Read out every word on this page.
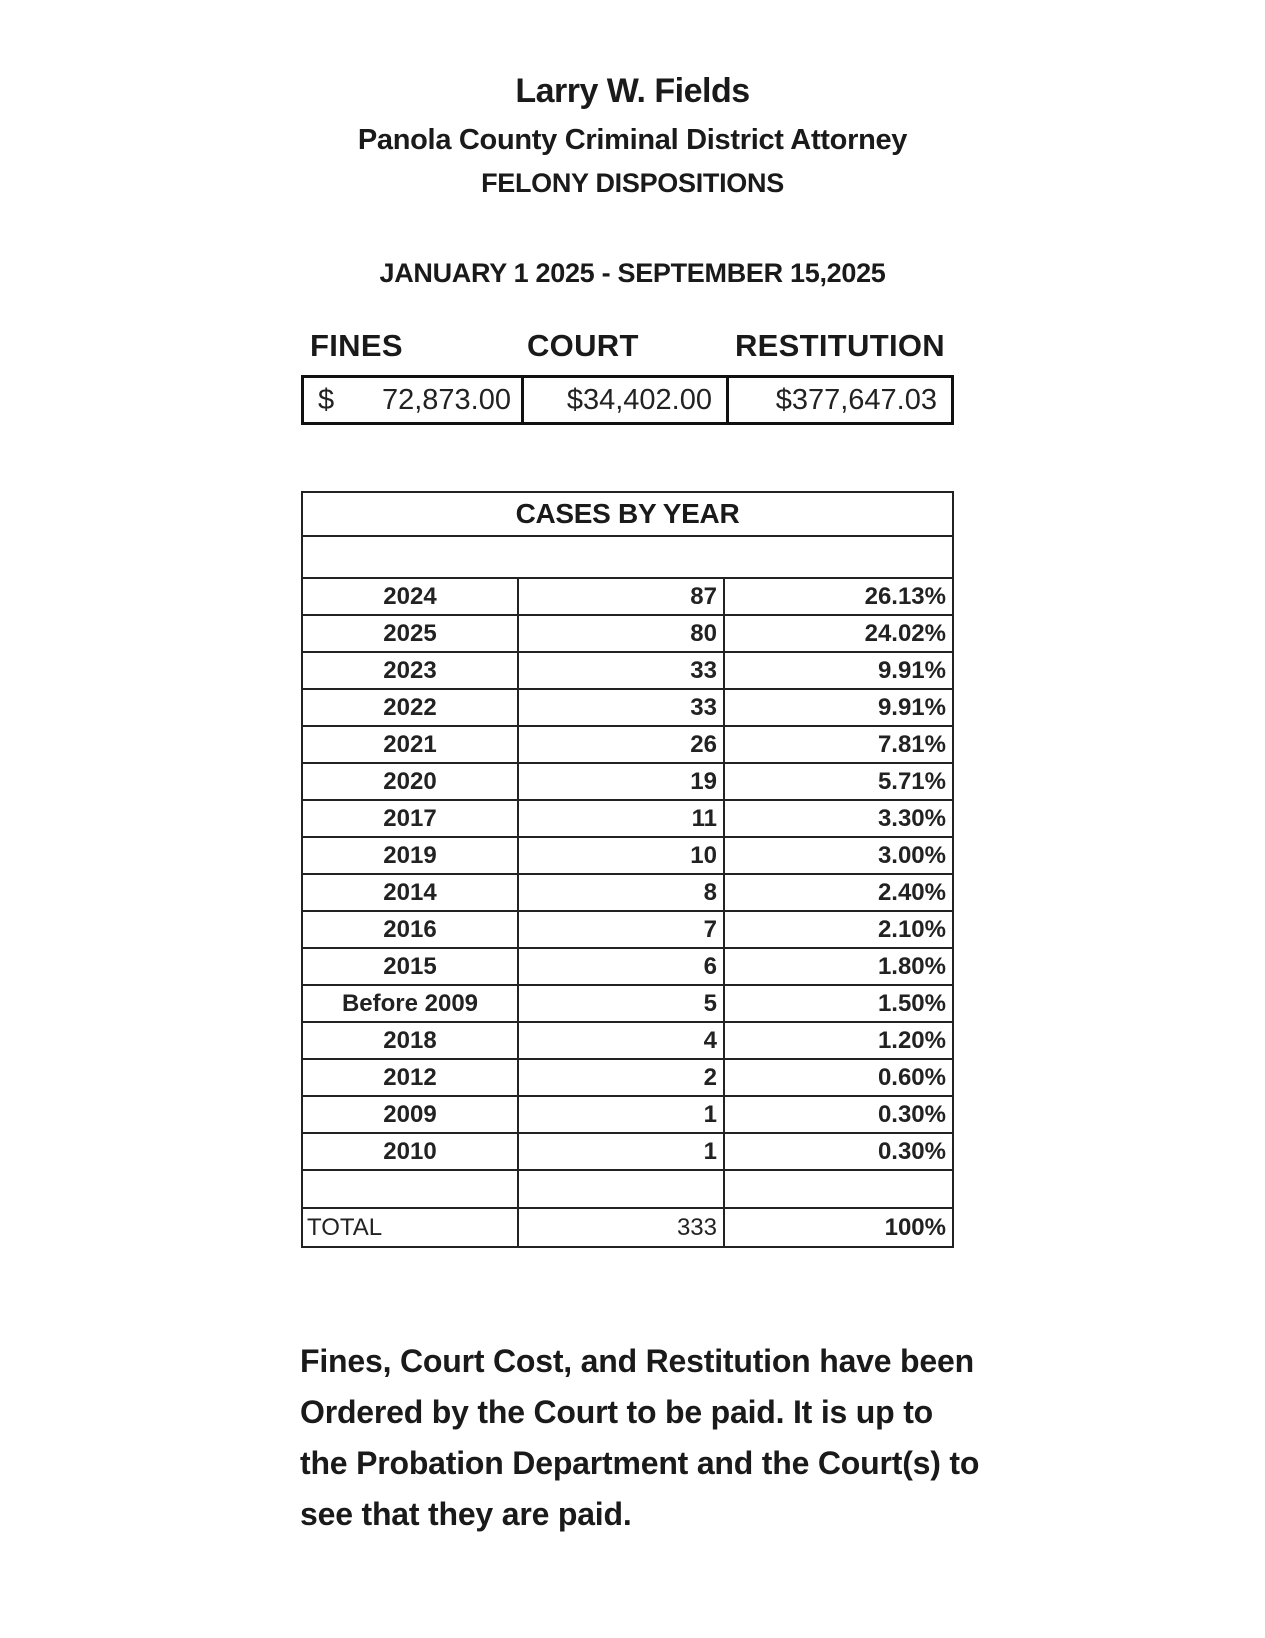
Larry W. Fields
Panola County Criminal District Attorney
FELONY DISPOSITIONS
JANUARY 1 2025 - SEPTEMBER 15,2025
FINES	COURT	RESTITUTION
$ 72,873.00 $34,402.00 $377,647.03
CASES BY YEAR
2024	87	26.13%
2025	80	24.02%
2023	33	9.91%
2022	33	9.91%
2021	26	7.81%
2020	19	5.71%
2017	11	3.30%
2019	10	3.00%
2014	8	2.40%
2016	7	2.10%
2015	6	1.80%
Before 2009	5	1.50%
2018	4	1.20%
2012	2	0.60%
2009	1	0.30%
2010	1	0.30%
TOTAL	333	100%
Fines, Court Cost, and Restitution have been Ordered by the Court to be paid. It is up to the Probation Department and the Court(s) to see that they are paid.
